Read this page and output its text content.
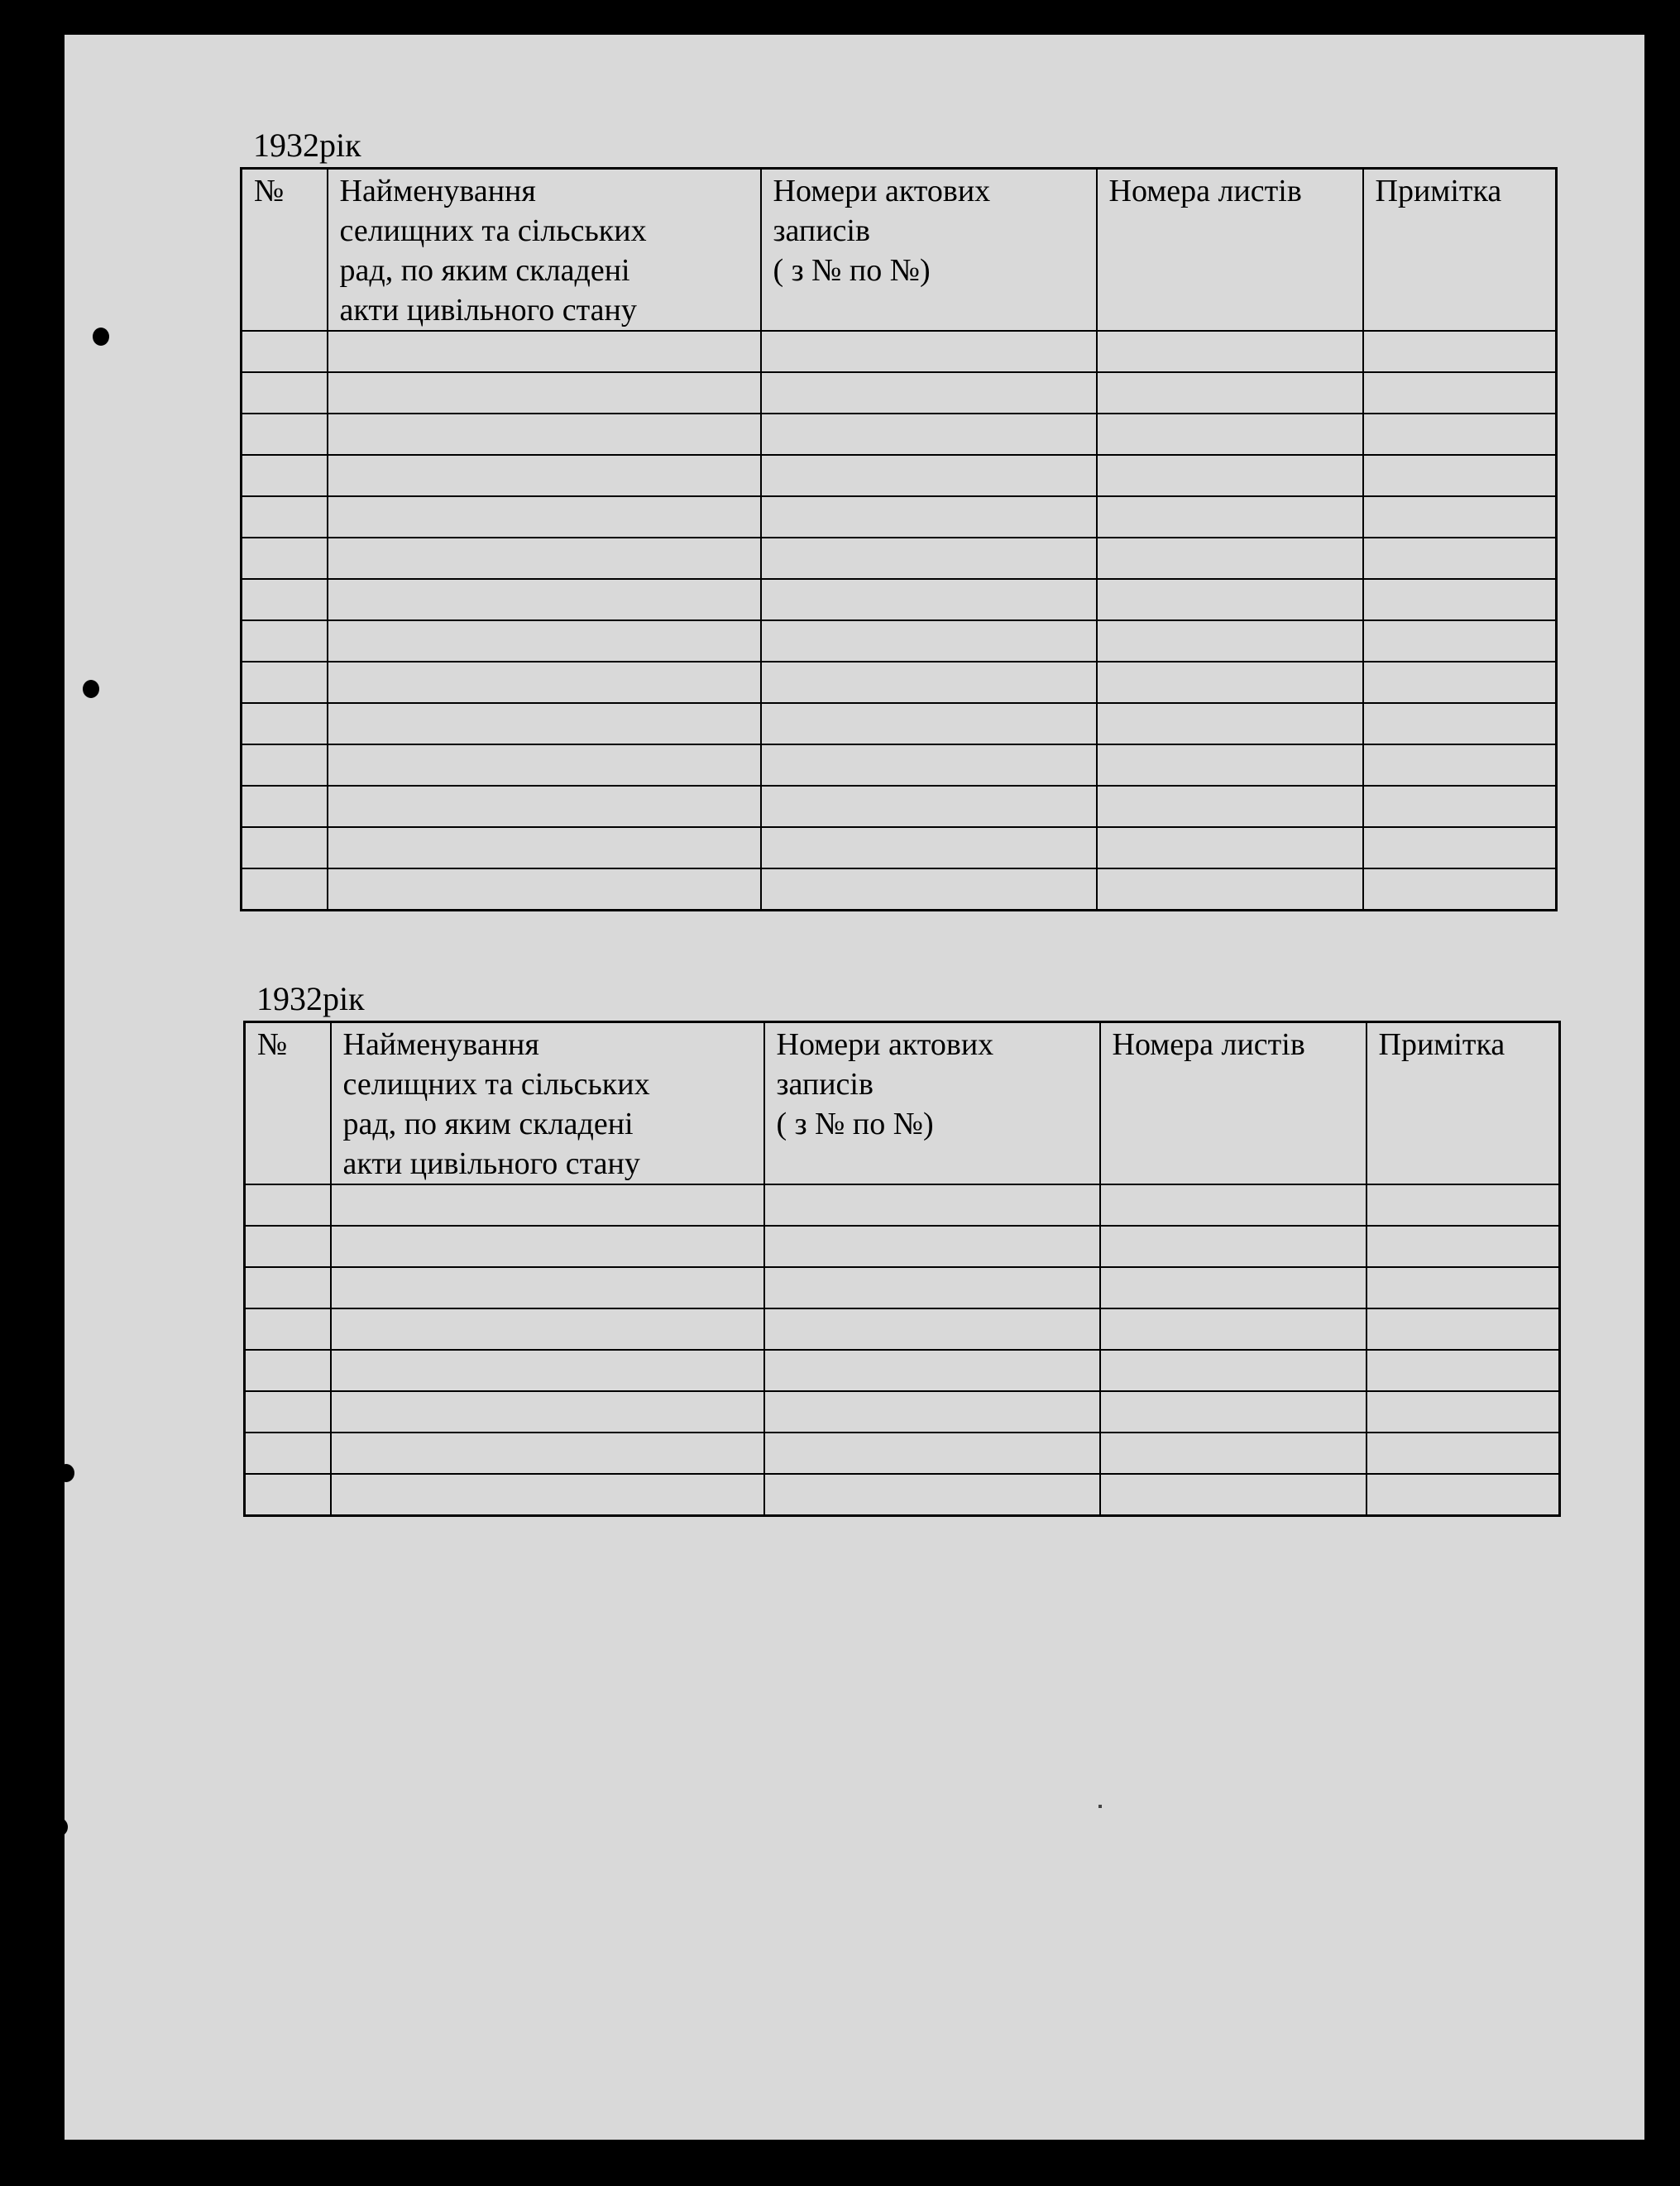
1932рік
№	Найменування
селищних та сільських
рад, по яким складені
акти цивільного стану	Номери актових
записів
( з № по №)	Номера листів	Примітка

1932рік
№	Найменування
селищних та сільських
рад, по яким складені
акти цивільного стану	Номери актових
записів
( з № по №)	Номера листів	Примітка
